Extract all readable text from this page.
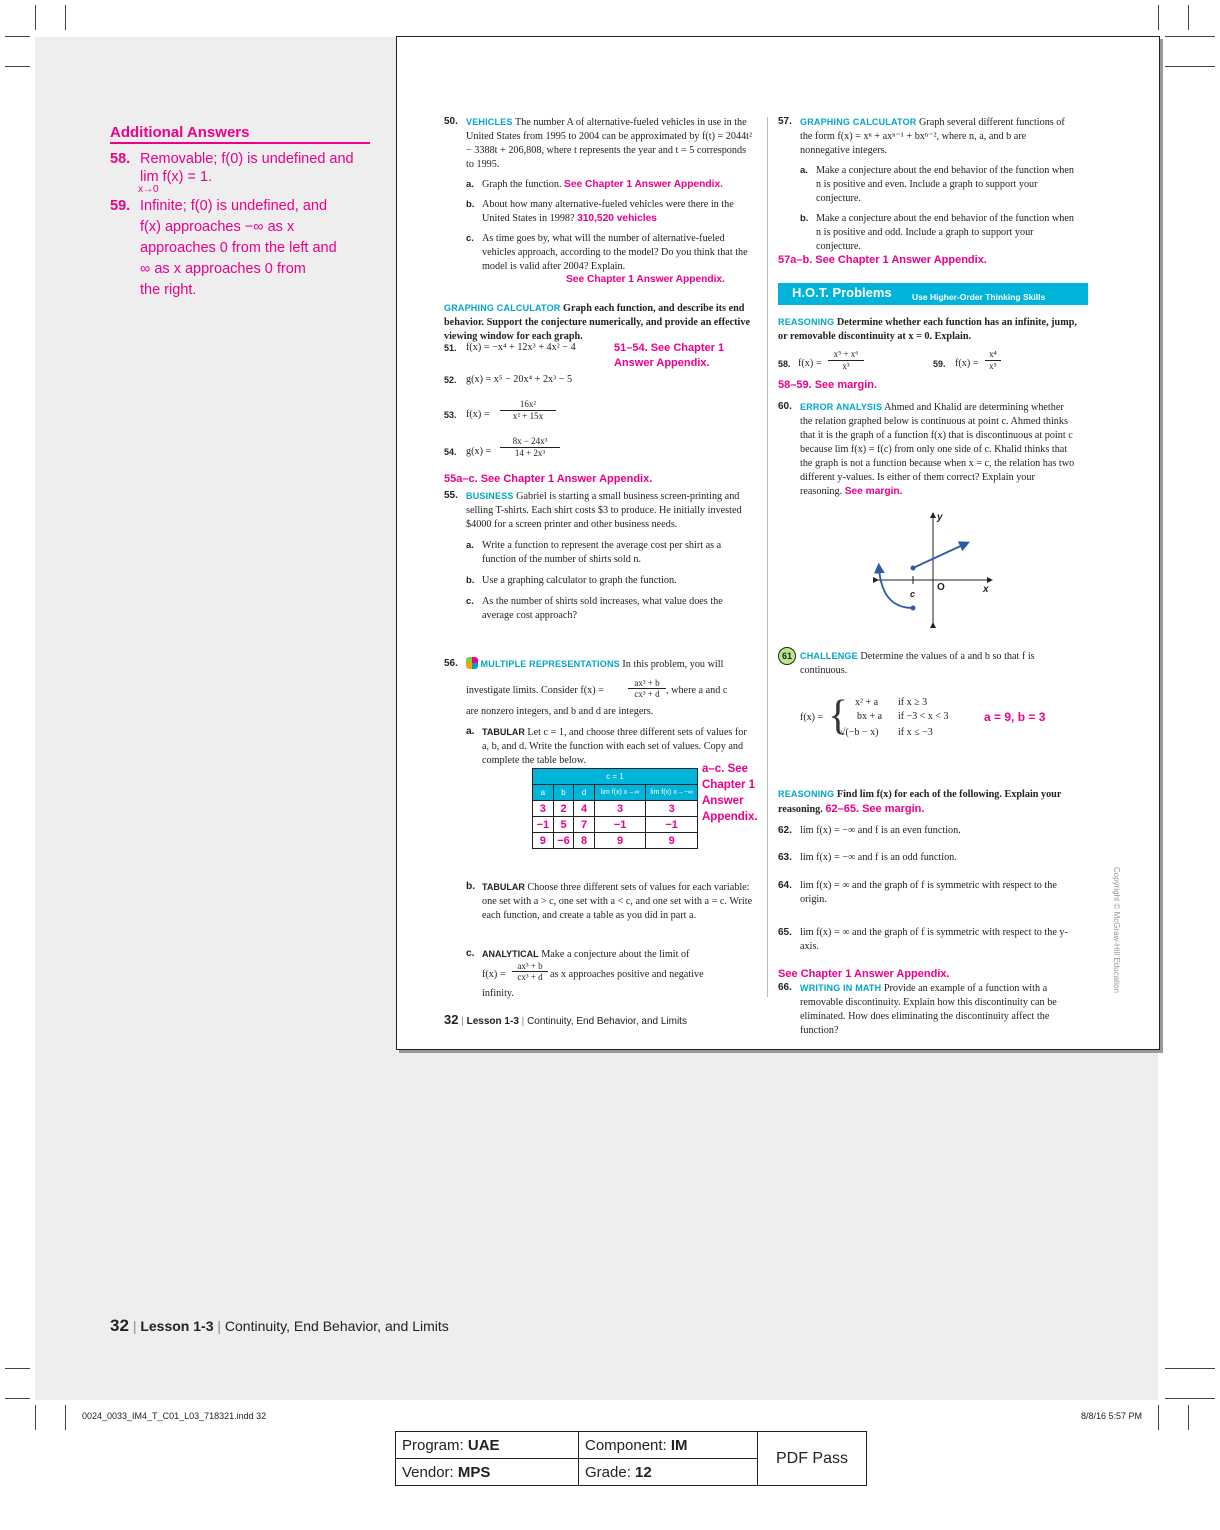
Additional Answers
58. Removable; f(0) is undefined and
lim f(x) = 1.
x→0
59. Infinite; f(0) is undefined, and
f(x) approaches −∞ as x
approaches 0 from the left and
∞ as x approaches 0 from
the right.
32 | Lesson 1-3 | Continuity, End Behavior, and Limits
0024_0033_IM4_T_C01_L03_718321.indd 32	8/8/16 5:57 PM
Program: UAE	Component: IM	PDF Pass
Vendor: MPS	Grade: 12	
50. VEHICLES The number A of alternative-fueled vehicles in use in the United States from 1995 to 2004 can be approximated by f(t) = 2044t² − 3388t + 206,808, where t represents the year and t = 5 corresponds to 1995.
a. Graph the function. See Chapter 1 Answer Appendix.
b. About how many alternative-fueled vehicles were there in the United States in 1998? 310,520 vehicles
c. As time goes by, what will the number of alternative-fueled vehicles approach, according to the model? Do you think that the model is valid after 2004? Explain.
See Chapter 1 Answer Appendix.
GRAPHING CALCULATOR Graph each function, and describe its end behavior. Support the conjecture numerically, and provide an effective viewing window for each graph.
51. f(x) = −x⁴ + 12x³ + 4x² − 4	51–54. See Chapter 1 Answer Appendix.
52. g(x) = x⁵ − 20x⁴ + 2x³ − 5
53. f(x) =
16x²
x² + 15x
54. g(x) =
8x − 24x³
14 + 2x³
55a–c. See Chapter 1 Answer Appendix.
55. BUSINESS Gabriel is starting a small business screen-printing and selling T-shirts. Each shirt costs $3 to produce. He initially invested $4000 for a screen printer and other business needs.
a. Write a function to represent the average cost per shirt as a function of the number of shirts sold n.
b. Use a graphing calculator to graph the function.
c. As the number of shirts sold increases, what value does the average cost approach?
56.	MULTIPLE REPRESENTATIONS In this problem, you will
investigate limits. Consider f(x) =
ax³ + b
cx³ + d , where a and c
are nonzero integers, and b and d are integers.
a. TABULAR Let c = 1, and choose three different sets of values for a, b, and d. Write the function with each set of values. Copy and complete the table below.
a–c. See Chapter 1 Answer Appendix.
c = 1				
a	b	d	lim f(x) x→∞	lim f(x) x→−∞
3	2	4	3	3
−1	5	7	−1	−1
9	−6	8	9	9
b. TABULAR Choose three different sets of values for each variable: one set with a > c, one set with a < c, and one set with a = c. Write each function, and create a table as you did in part a.
c. ANALYTICAL Make a conjecture about the limit of
f(x) =
ax³ + b
cx³ + d as x approaches positive and negative
infinity.
57. GRAPHING CALCULATOR Graph several different functions of the form f(x) = xⁿ + axⁿ⁻¹ + bxⁿ⁻², where n, a, and b are nonnegative integers.
a. Make a conjecture about the end behavior of the function when n is positive and even. Include a graph to support your conjecture.
b. Make a conjecture about the end behavior of the function when n is positive and odd. Include a graph to support your conjecture.
57a–b. See Chapter 1 Answer Appendix.
H.O.T. Problems Use Higher-Order Thinking Skills
REASONING Determine whether each function has an infinite, jump, or removable discontinuity at x = 0. Explain.
58. f(x) =
x⁵ + x⁶
x³	59. f(x) =
x⁴
x⁵
58–59. See margin.
60. ERROR ANALYSIS Ahmed and Khalid are determining whether the relation graphed below is continuous at point c. Ahmed thinks that it is the graph of a function f(x) that is discontinuous at point c because lim f(x) = f(c) from only one side of c. Khalid thinks that the graph is not a function because when x = c, the relation has two different y-values. Is either of them correct? Explain your reasoning. See margin.
y
x
O
c
61 CHALLENGE Determine the values of a and b so that f is continuous.
f(x) = { x² + a if x ≥ 3
bx + a if −3 < x < 3
√(−b − x) if x ≤ −3
a = 9, b = 3
REASONING Find lim f(x) for each of the following. Explain your reasoning. 62–65. See margin.
62. lim f(x) = −∞ and f is an even function.
63. lim f(x) = −∞ and f is an odd function.
64. lim f(x) = ∞ and the graph of f is symmetric with respect to the origin.
65. lim f(x) = ∞ and the graph of f is symmetric with respect to the y-axis.
See Chapter 1 Answer Appendix.
66. WRITING IN MATH Provide an example of a function with a removable discontinuity. Explain how this discontinuity can be eliminated. How does eliminating the discontinuity affect the function?
Copyright © McGraw-Hill Education
32 | Lesson 1-3 | Continuity, End Behavior, and Limits
